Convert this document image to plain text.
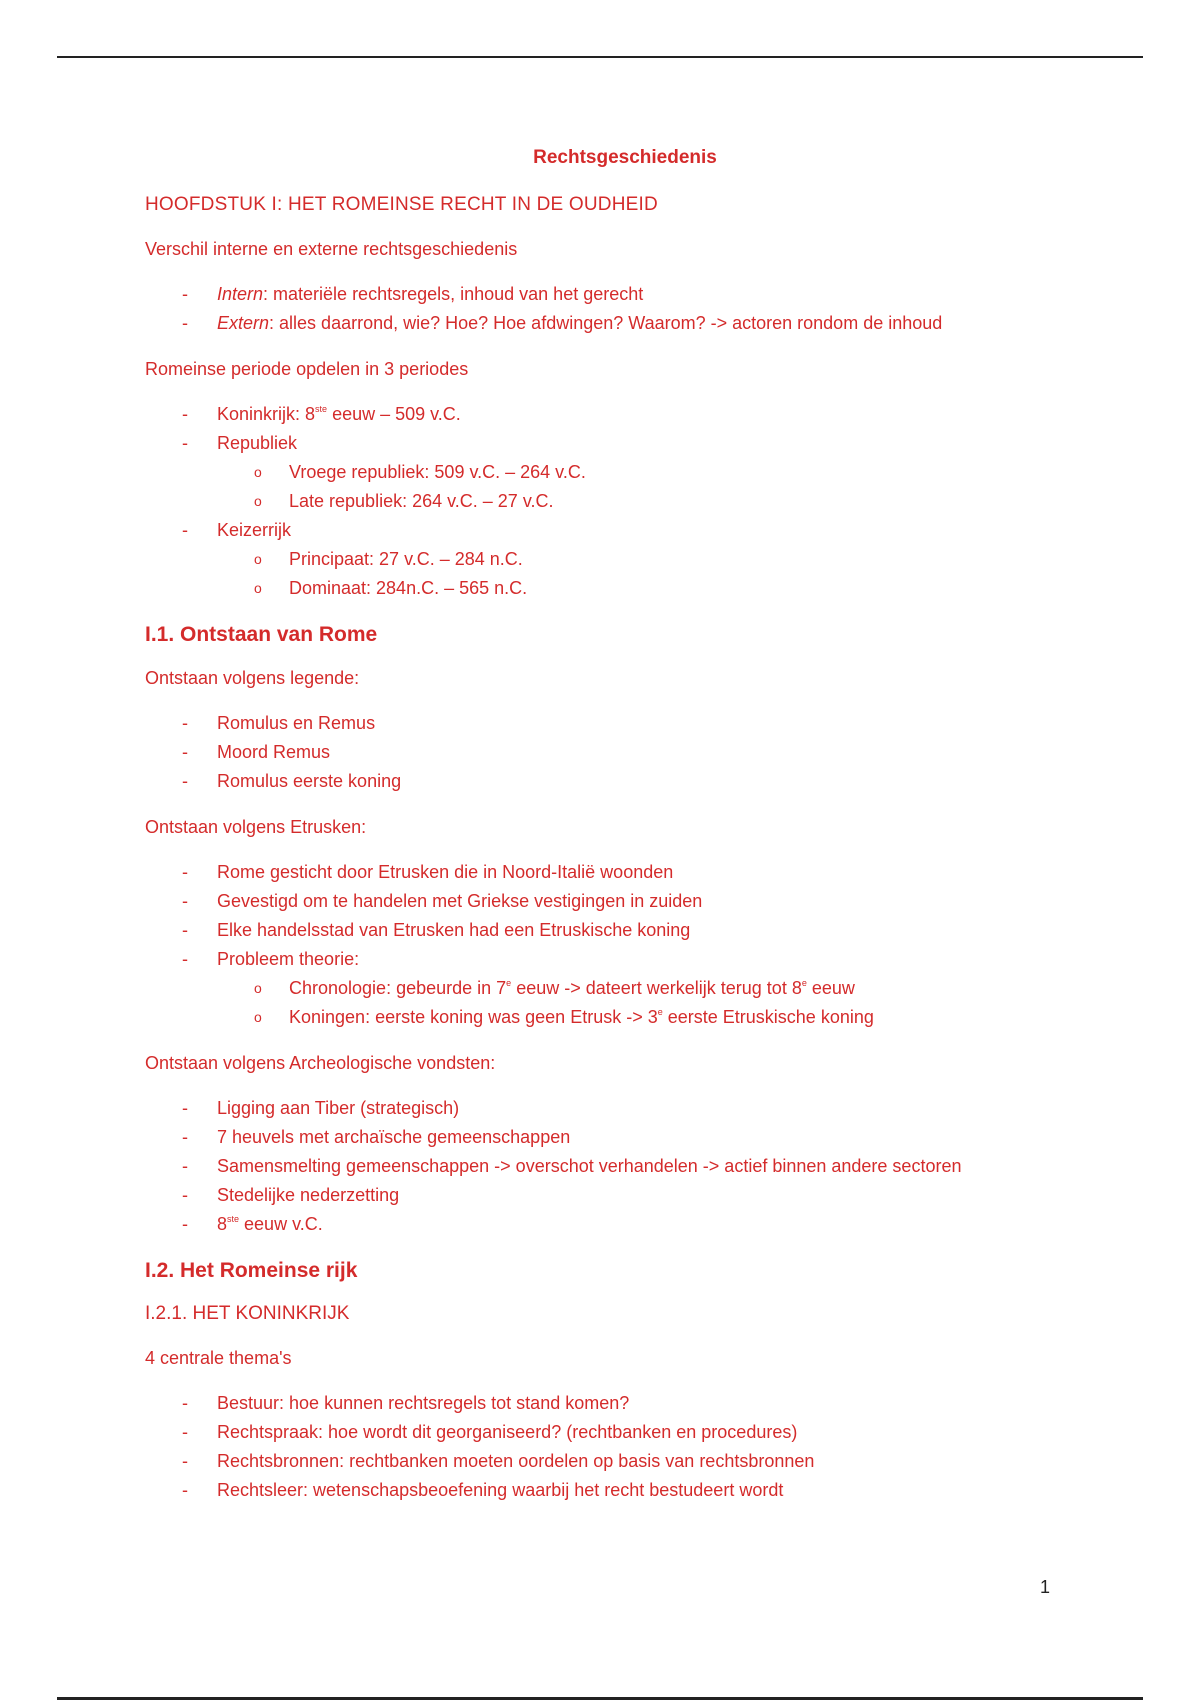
Rechtsgeschiedenis
HOOFDSTUK I: HET ROMEINSE RECHT IN DE OUDHEID
Verschil interne en externe rechtsgeschiedenis
- Intern: materiële rechtsregels, inhoud van het gerecht
- Extern: alles daarrond, wie? Hoe? Hoe afdwingen? Waarom? -> actoren rondom de inhoud
Romeinse periode opdelen in 3 periodes
- Koninkrijk: 8ste eeuw – 509 v.C.
- Republiek
o Vroege republiek: 509 v.C. – 264 v.C.
o Late republiek: 264 v.C. – 27 v.C.
- Keizerrijk
o Principaat: 27 v.C. – 284 n.C.
o Dominaat: 284n.C. – 565 n.C.
I.1. Ontstaan van Rome
Ontstaan volgens legende:
- Romulus en Remus
- Moord Remus
- Romulus eerste koning
Ontstaan volgens Etrusken:
- Rome gesticht door Etrusken die in Noord-Italië woonden
- Gevestigd om te handelen met Griekse vestigingen in zuiden
- Elke handelsstad van Etrusken had een Etruskische koning
- Probleem theorie:
o Chronologie: gebeurde in 7e eeuw -> dateert werkelijk terug tot 8e eeuw
o Koningen: eerste koning was geen Etrusk -> $3^e$ eerste Etruskische koning
Ontstaan volgens Archeologische vondsten:
- Ligging aan Tiber (strategisch)
- 7 heuvels met archaïsche gemeenschappen
- Samensmelting gemeenschappen -> overschot verhandelen -> actief binnen andere sectoren
- Stedelijke nederzetting
- 8ste eeuw v.C.
I.2. Het Romeinse rijk
I.2.1. HET KONINKRIJK
4 centrale thema's
- Bestuur: hoe kunnen rechtsregels tot stand komen?
- Rechtspraak: hoe wordt dit georganiseerd? (rechtbanken en procedures)
- Rechtsbronnen: rechtbanken moeten oordelen op basis van rechtsbronnen
- Rechtsleer: wetenschapsbeoefening waarbij het recht bestudeert wordt
1
